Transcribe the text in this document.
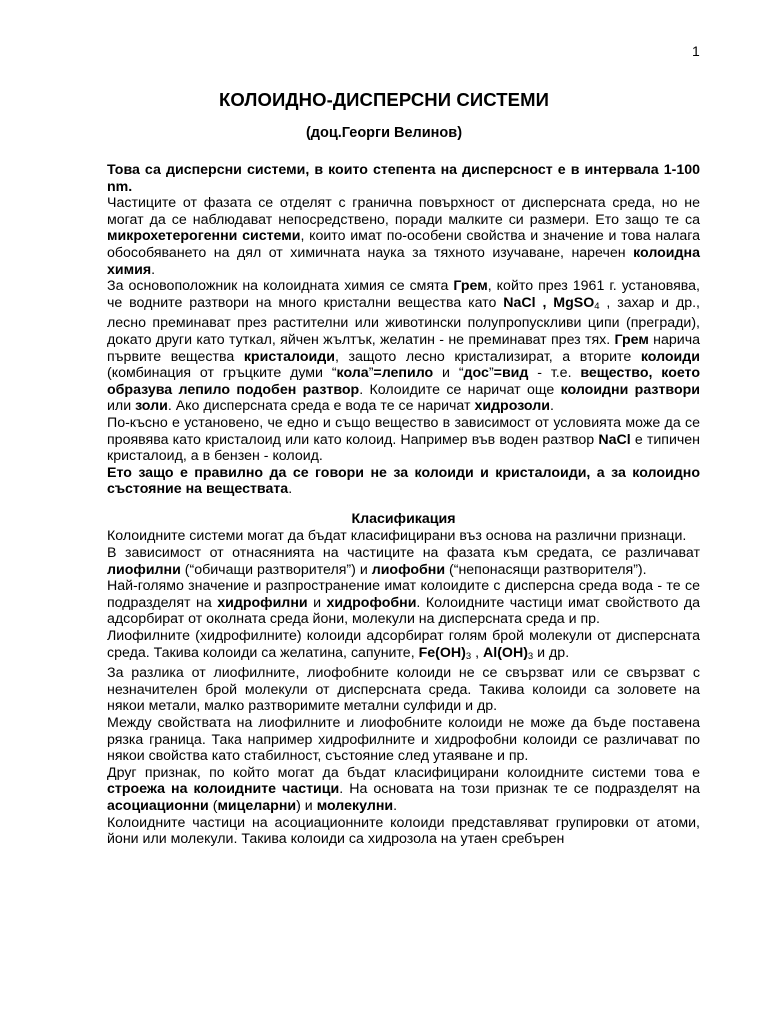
1
КОЛОИДНО-ДИСПЕРСНИ СИСТЕМИ
(доц.Георги Велинов)

Това са дисперсни системи, в които степента на дисперсност е в интервала 1-100 nm.

Частиците от фазата се отделят с гранична повърхност от дисперсната среда, но не могат да се наблюдават непосредствено, поради малките си размери. Ето защо те са микрохетерогенни системи, които имат по-особени свойства и значение и това налага обособяването на дял от химичната наука за тяхното изучаване, наречен колоидна химия.

За основоположник на колоидната химия се смята Грем, който през 1961 г. установява, че водните разтвори на много кристални вещества като NaCl , MgSO$_4$ , захар и др., лесно преминават през растителни или животински полупропускливи ципи (прегради), докато други като туткал, яйчен жълтък, желатин - не преминават през тях. Грем нарича първите вещества кристалоиди, защото лесно кристализират, а вторите колоиди (комбинация от гръцките думи “кола”=лепило и “дос”=вид - т.е. вещество, което образува лепило подобен разтвор. Колоидите се наричат още колоидни разтвори или золи. Ако дисперсната среда е вода те се наричат хидрозоли.

По-късно е установено, че едно и също вещество в зависимост от условията може да се проявява като кристалоид или като колоид. Например във воден разтвор NaCl е типичен кристалоид, а в бензен - колоид.

Ето защо е правилно да се говори не за колоиди и кристалоиди, а за колоидно състояние на веществата.

Класификация

Колоидните системи могат да бъдат класифицирани въз основа на различни признаци.

В зависимост от отнасянията на частиците на фазата към средата, се различават лиофилни (“обичащи разтворителя”) и лиофобни (“непонасящи разтворителя”).

Най-голямо значение и разпространение имат колоидите с дисперсна среда вода - те се подразделят на хидрофилни и хидрофобни. Колоидните частици имат свойството да адсорбират от околната среда йони, молекули на дисперсната среда и пр.

Лиофилните (хидрофилните) колоиди адсорбират голям брой молекули от дисперсната среда. Такива колоиди са желатина, сапуните, $Fe(OH)_3$ , $Al(OH)_3$ и др.

За разлика от лиофилните, лиофобните колоиди не се свързват или се свързват с незначителен брой молекули от дисперсната среда. Такива колоиди са золовете на някои метали, малко разтворимите метални сулфиди и др.

Между свойствата на лиофилните и лиофобните колоиди не може да бъде поставена рязка граница. Така например хидрофилните и хидрофобни колоиди се различават по някои свойства като стабилност, състояние след утаяване и пр.

Друг признак, по който могат да бъдат класифицирани колоидните системи това е строежа на колоидните частици. На основата на този признак те се подразделят на асоциационни (мицеларни) и молекулни.

Колоидните частици на асоциационните колоиди представляват групировки от атоми, йони или молекули. Такива колоиди са хидрозола на утаен сребърен
